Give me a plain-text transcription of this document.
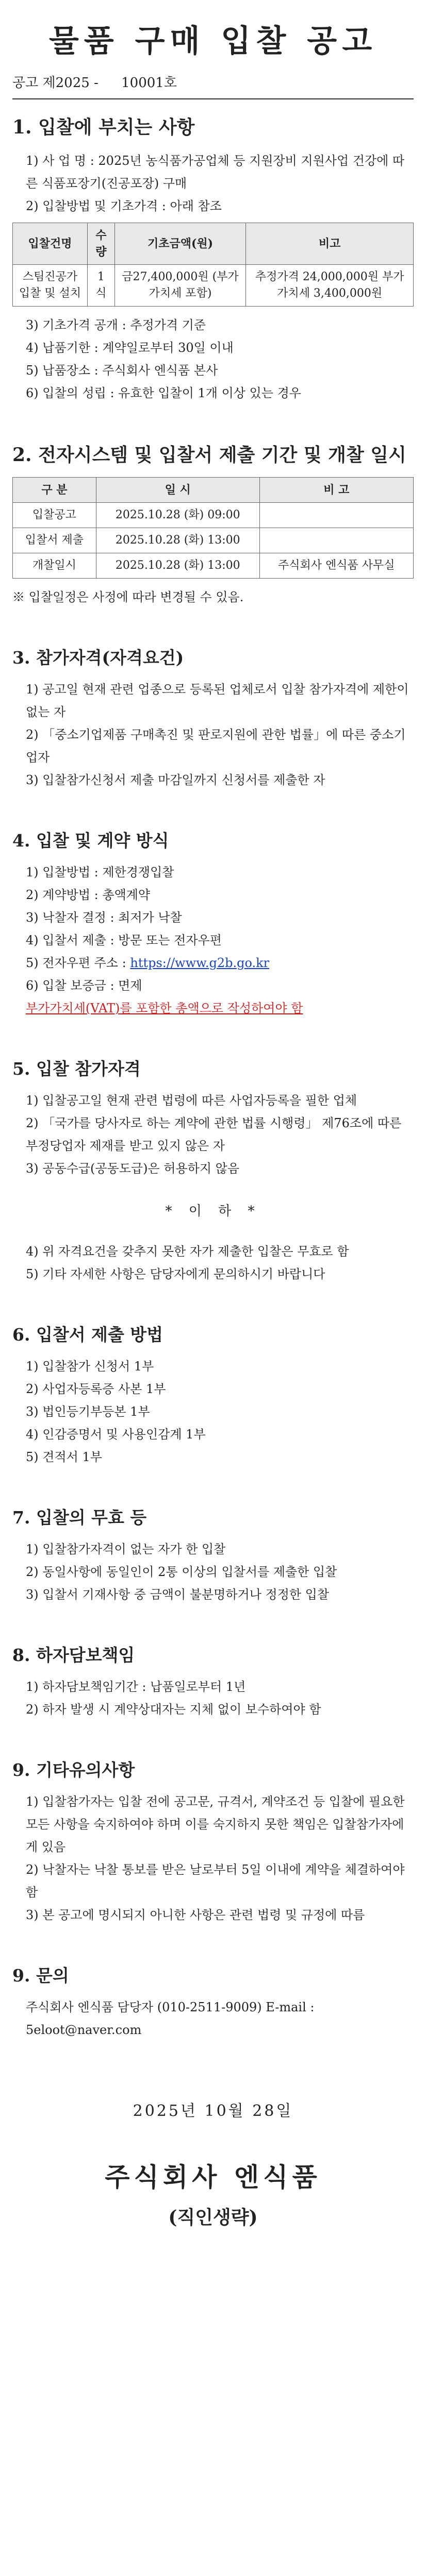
물품 구매 입찰 공고
공고 제2025 - 10001호
1. 입찰에 부치는 사항

1) 사 업 명 : 2025년 농식품가공업체 등 지원장비 지원사업 건강에 따른 식품포장기(진공포장) 구매

2) 입찰방법 및 기초가격 : 아래 참조

입찰건명	수량	기초금액(원)	비고
스팀진공가 입찰 및 설치	1식	금27,400,000원 (부가가치세 포함)	추정가격 24,000,000원 부가가치세 3,400,000원

3) 기초가격 공개 : 추정가격 기준

4) 납품기한 : 계약일로부터 30일 이내

5) 납품장소 : 주식회사 엔식품 본사

6) 입찰의 성립 : 유효한 입찰이 1개 이상 있는 경우

2. 전자시스템 및 입찰서 제출 기간 및 개찰 일시
구 분	일 시	비 고
입찰공고	2025.10.28 (화) 09:00	
입찰서 제출	2025.10.28 (화) 13:00	
개찰일시	2025.10.28 (화) 13:00	주식회사 엔식품 사무실

※ 입찰일정은 사정에 따라 변경될 수 있음.

3. 참가자격(자격요건)

1) 공고일 현재 관련 업종으로 등록된 업체로서 입찰 참가자격에 제한이 없는 자

2) 「중소기업제품 구매촉진 및 판로지원에 관한 법률」에 따른 중소기업자

3) 입찰참가신청서 제출 마감일까지 신청서를 제출한 자

4. 입찰 및 계약 방식

1) 입찰방법 : 제한경쟁입찰

2) 계약방법 : 총액계약

3) 낙찰자 결정 : 최저가 낙찰

4) 입찰서 제출 : 방문 또는 전자우편

5) 전자우편 주소 : https://www.g2b.go.kr

6) 입찰 보증금 : 면제

부가가치세(VAT)를 포함한 총액으로 작성하여야 함

5. 입찰 참가자격

1) 입찰공고일 현재 관련 법령에 따른 사업자등록을 필한 업체

2) 「국가를 당사자로 하는 계약에 관한 법률 시행령」 제76조에 따른 부정당업자 제재를 받고 있지 않은 자

3) 공동수급(공동도급)은 허용하지 않음

* 이 하 *

4) 위 자격요건을 갖추지 못한 자가 제출한 입찰은 무효로 함

5) 기타 자세한 사항은 담당자에게 문의하시기 바랍니다

6. 입찰서 제출 방법

1) 입찰참가 신청서 1부

2) 사업자등록증 사본 1부

3) 법인등기부등본 1부

4) 인감증명서 및 사용인감계 1부

5) 견적서 1부

7. 입찰의 무효 등

1) 입찰참가자격이 없는 자가 한 입찰

2) 동일사항에 동일인이 2통 이상의 입찰서를 제출한 입찰

3) 입찰서 기재사항 중 금액이 불분명하거나 정정한 입찰

8. 하자담보책임

1) 하자담보책임기간 : 납품일로부터 1년

2) 하자 발생 시 계약상대자는 지체 없이 보수하여야 함

9. 기타유의사항

1) 입찰참가자는 입찰 전에 공고문, 규격서, 계약조건 등 입찰에 필요한 모든 사항을 숙지하여야 하며 이를 숙지하지 못한 책임은 입찰참가자에게 있음

2) 낙찰자는 낙찰 통보를 받은 날로부터 5일 이내에 계약을 체결하여야 함

3) 본 공고에 명시되지 아니한 사항은 관련 법령 및 규정에 따름

9. 문의

주식회사 엔식품 담당자 (010-2511-9009) E-mail : 5eloot@naver.com

2025년 10월 28일
주식회사 엔식품
(직인생략)
